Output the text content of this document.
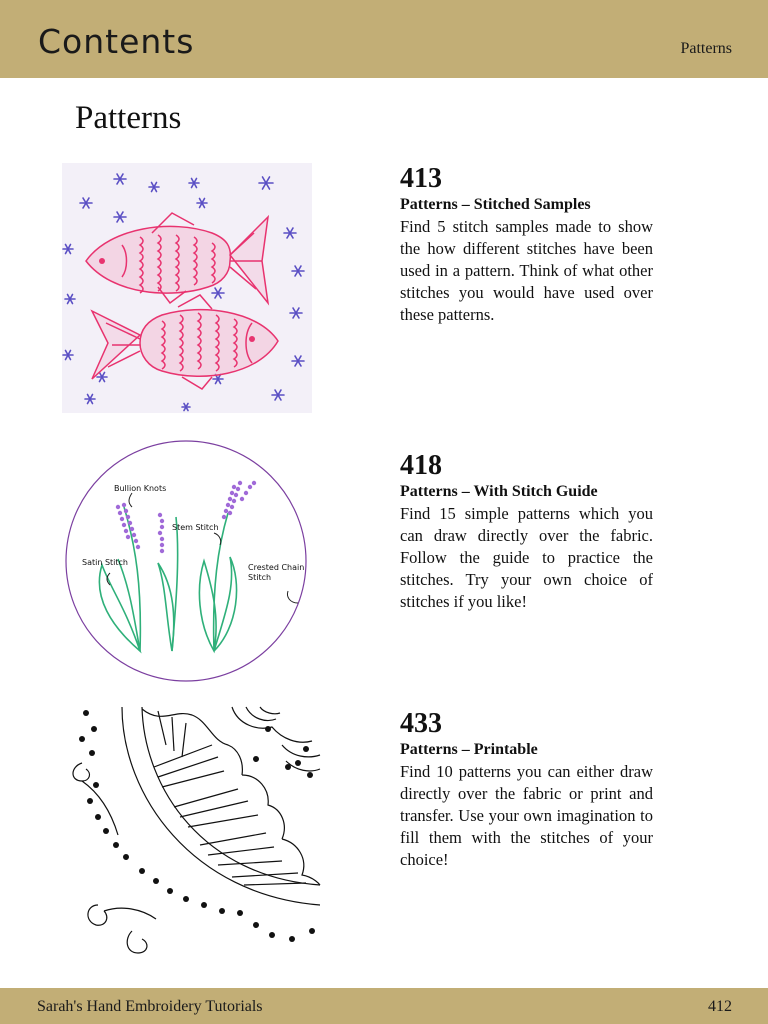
Contents	Patterns
Patterns
413
Patterns – Stitched Samples
Find 5 stitch samples made to show the how different stitches have been used in a pattern. Think of what other stitches you would have used over these patterns.
Bullion Knots
Stem Stitch
Satin Stitch
Crested Chain
Stitch
418
Patterns – With Stitch Guide
Find 15 simple patterns which you can draw directly over the fabric. Follow the guide to practice the stitches. Try your own choice of stitches if you like!
433
Patterns – Printable
Find 10 patterns you can either draw directly over the fabric or print and transfer. Use your own imagination to fill them with the stitches of your choice!
Sarah's Hand Embroidery Tutorials	412
